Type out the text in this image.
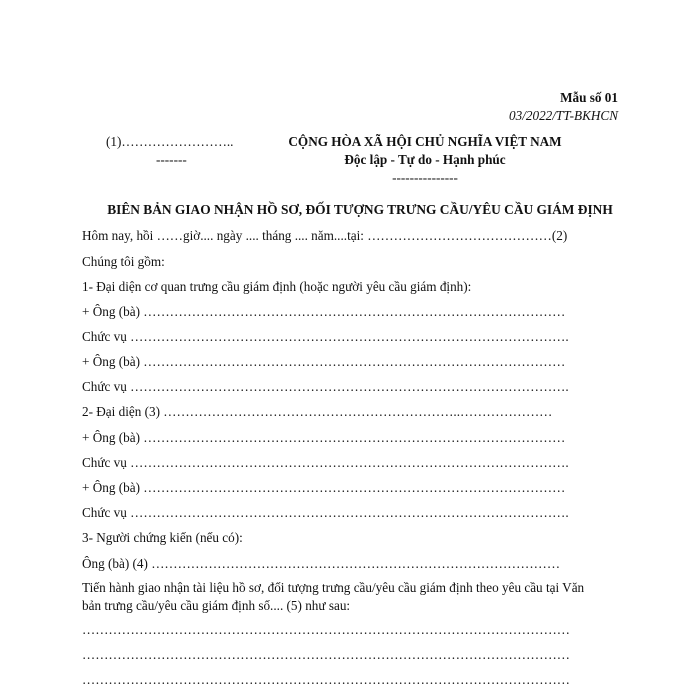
Mẫu số 01
03/2022/TT-BKHCN
(1)……………………..
-------
CỘNG HÒA XÃ HỘI CHỦ NGHĨA VIỆT NAM
Độc lập - Tự do - Hạnh phúc
---------------
BIÊN BẢN GIAO NHẬN HỒ SƠ, ĐỐI TƯỢNG TRƯNG CẦU/YÊU CẦU GIÁM ĐỊNH
Hôm nay, hồi ……giờ.... ngày .... tháng .... năm....tại: ……………………………………(2)
Chúng tôi gồm:
1- Đại diện cơ quan trưng cầu giám định (hoặc người yêu cầu giám định):
+ Ông (bà) ……………………………………………………………………………………
Chức vụ ……………………………………………………………………………………….
+ Ông (bà) ……………………………………………………………………………………
Chức vụ ……………………………………………………………………………………….
2- Đại diện (3) …………………………………………………………..…………………
+ Ông (bà) ……………………………………………………………………………………
Chức vụ ……………………………………………………………………………………….
+ Ông (bà) ……………………………………………………………………………………
Chức vụ ……………………………………………………………………………………….
3- Người chứng kiến (nếu có):
Ông (bà) (4) …………………………………………………………………………………
Tiến hành giao nhận tài liệu hồ sơ, đối tượng trưng cầu/yêu cầu giám định theo yêu cầu tại Văn
bản trưng cầu/yêu cầu giám định số.... (5) như sau:
…………………………………………………………………………………………………
…………………………………………………………………………………………………
…………………………………………………………………………………………………
